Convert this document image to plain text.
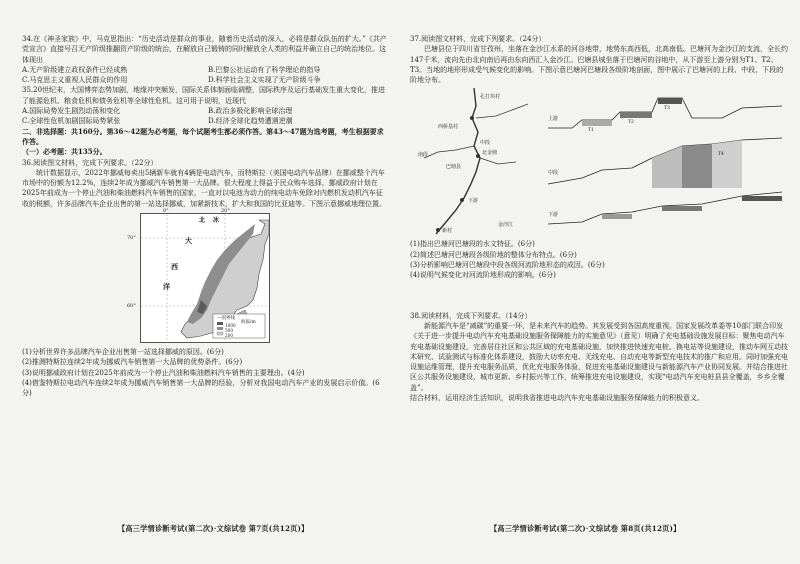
34.在《神圣家族》中，马克思指出：“历史活动是群众的事业，随着历史活动的深入，必将是群众队伍的扩大。”《共产党宣言》直接号召无产阶级推翻资产阶级的统治，在解放自己锻铸的同时解放全人类的利益并确立自己的统治地位。这体现出

A.无产阶级建立政权条件已经成熟	B.巴黎公社运动有了科学理论的指导
C.马克思主义重视人民群众的作用	D.科学社会主义实现了无产阶级斗争

35.20世纪末，大国博弈态势加剧，地缘冲突频发，国际关系体制面临调整，国际秩序及运行基础发生重大变化，推进了能源危机、粮食危机和债务危机等全球性危机。这可用于说明，近现代

A.国际局势发生剧烈动荡和变化	B.政治多极化影响全球治理
C.全球性危机加剧国际局势紧张	D.经济全球化趋势遭遇逆潮

二、非选择题：共160分。第36～42题为必考题，每个试题考生都必须作答。第43～47题为选考题，考生根据要求作答。

（一）必考题：共135分。

36.阅读图文材料，完成下列要求。（22分）

统计数据显示，2022年挪威每卖出5辆新车就有4辆是电动汽车，而特斯拉（美国电动汽车品牌）在挪威整个汽车市场中的份额为12.2%，连续2年成为挪威汽车销售第一大品牌。很大程度上得益于民众购车选择，挪威政府计划在2025年前成为一个停止汽油和柴油燃料汽车销售的国家，一直对以电池为动力的纯电动车免除对内燃机发动机汽车征收的税额，许多品牌汽车企业出售的第一站选择挪威，加紧新技术，扩大和我国的比亚迪等。下图示意挪威地理位置。

北 冰
大
西
洋
70°
60°
0°	20°
---国界线
海拔/m
1000
500
200

(1)分析世界许多品牌汽车企业出售第一站选择挪威的原因。(6分)

(2)推测特斯拉连续2年成为挪威汽车销售第一大品牌的优势条件。(6分)

(3)说明挪威政府计划在2025年前成为一个停止汽油和柴油燃料汽车销售的主要理由。(4分)

(4)借鉴特斯拉电动汽车连续2年成为挪威汽车销售第一大品牌的经验，分析对我国电动汽车产业的发展启示价值。(6分)

【高三学情诊断考试(第二次)·文综试卷 第7页(共12页)】

37.阅读图文材料，完成下列要求。（24分）

巴塘县位于四川省甘孜州，坐落在金沙江水系的河谷地带，地势东高西低，北高南低。巴塘河为金沙江的支流，全长约147千米，流向先由北向南后再由东向西汇入金沙江。巴塘县城坐落于巴塘河的谷地中，从下游至上游分别为T1、T2、T3。当地的地形形成受气候变化的影响。下图示意巴塘河巴塘段各级阶地剖面，图中展示了巴塘河的上段、中段、下段的阶地分布。

孔打块村
西桥基村
中段
北金塘
巴塘县
下游
南段
新村
金沙江
上游
中段
下游
T1
T2
T3
T4

(1)指出巴塘河巴塘段的水文特征。(6分)

(2)简述巴塘河巴塘段各级阶地的整体分布特点。(6分)

(3)分析影响巴塘河巴塘段中段各级河流阶地形态的成因。(6分)

(4)说明气候变化对河流阶地形成的影响。(6分)

38.阅读材料，完成下列要求。（14分）

新能源汽车是“减碳”的重要一环，是未来汽车的趋势。其发展受到各国高度重视。国家发展改革委等10部门联合印发《关于进一步提升电动汽车充电基础设施服务保障能力的实施意见》（意见）明确了充电基础设施发展目标：聚焦电动汽车充电基础设施建设，完善居住社区和公共区域的充电基础设施，加快推进快速充电桩、换电站等设施建设，推动车网互动技术研究、试验测试与标准化体系建设，鼓励大功率充电、无线充电、自动充电等新型充电技术的推广和应用。同时加强充电设施运维管理，提升充电服务品质，优化充电服务体验，促进充电基础设施建设与新能源汽车产业协同发展。并结合推进社区公共服务设施建设、城市更新、乡村振兴等工作，统筹推进充电设施建设，实现“电动汽车充电桩县县全覆盖，乡乡全覆盖”。

结合材料，运用经济生活知识，说明我省推进电动汽车充电基础设施服务保障能力的积极意义。

【高三学情诊断考试(第二次)·文综试卷 第8页(共12页)】
